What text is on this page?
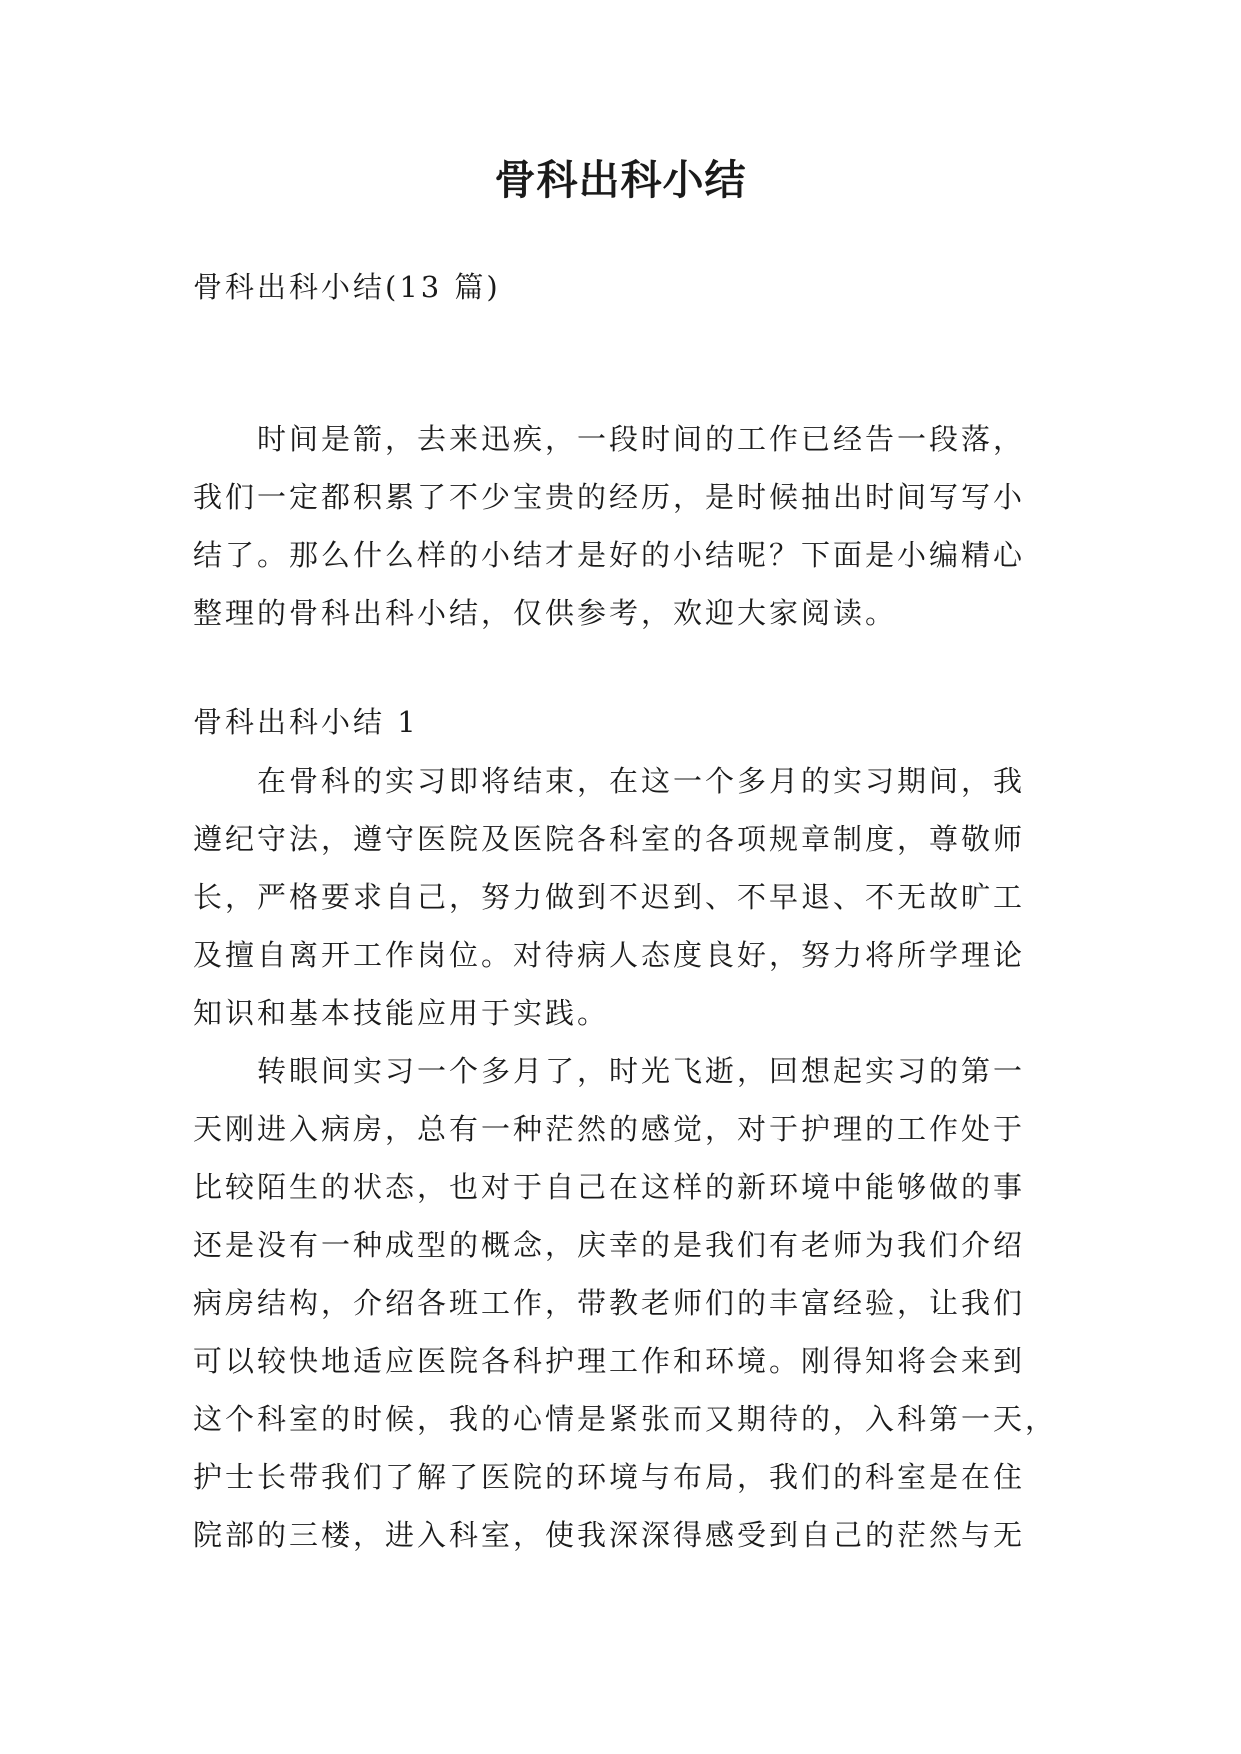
骨科出科小结

骨科出科小结(13 篇)

时间是箭，去来迅疾，一段时间的工作已经告一段落，
我们一定都积累了不少宝贵的经历，是时候抽出时间写写小
结了。那么什么样的小结才是好的小结呢？下面是小编精心
整理的骨科出科小结，仅供参考，欢迎大家阅读。

骨科出科小结 1

在骨科的实习即将结束，在这一个多月的实习期间，我
遵纪守法，遵守医院及医院各科室的各项规章制度，尊敬师
长，严格要求自己，努力做到不迟到、不早退、不无故旷工
及擅自离开工作岗位。对待病人态度良好，努力将所学理论
知识和基本技能应用于实践。
转眼间实习一个多月了，时光飞逝，回想起实习的第一
天刚进入病房，总有一种茫然的感觉，对于护理的工作处于
比较陌生的状态，也对于自己在这样的新环境中能够做的事
还是没有一种成型的概念，庆幸的是我们有老师为我们介绍
病房结构，介绍各班工作，带教老师们的丰富经验，让我们
可以较快地适应医院各科护理工作和环境。刚得知将会来到
这个科室的时候，我的心情是紧张而又期待的，入科第一天，
护士长带我们了解了医院的环境与布局，我们的科室是在住
院部的三楼，进入科室，使我深深得感受到自己的茫然与无
